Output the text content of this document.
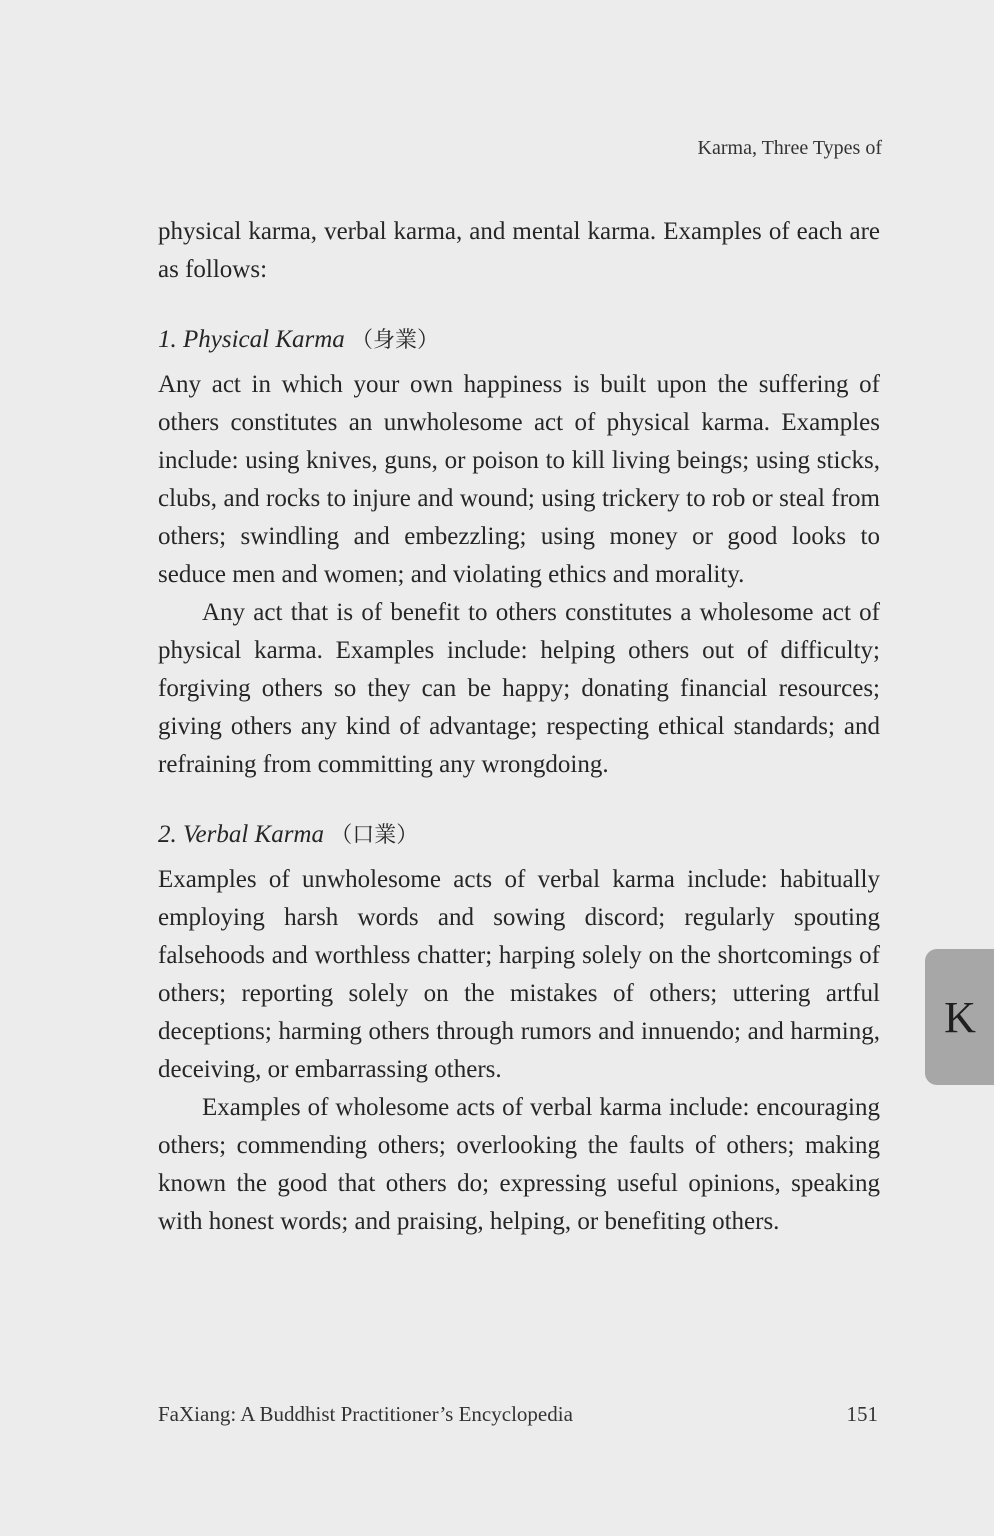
Karma, Three Types of

physical karma, verbal karma, and mental karma. Examples of each are as follows:

1. Physical Karma （身業）

Any act in which your own happiness is built upon the suffering of others constitutes an unwholesome act of physical karma. Examples include: using knives, guns, or poison to kill living beings; using sticks, clubs, and rocks to injure and wound; using trickery to rob or steal from others; swindling and embezzling; using money or good looks to seduce men and women; and violating ethics and morality.

Any act that is of benefit to others constitutes a wholesome act of physical karma. Examples include: helping others out of difficulty; forgiving others so they can be happy; donating financial resources; giving others any kind of advantage; respecting ethical standards; and refraining from committing any wrongdoing.

2. Verbal Karma （口業）

Examples of unwholesome acts of verbal karma include: habitually employing harsh words and sowing discord; regularly spouting falsehoods and worthless chatter; harping solely on the shortcomings of others; reporting solely on the mistakes of others; uttering artful deceptions; harming others through rumors and innuendo; and harming, deceiving, or embarrassing others.

Examples of wholesome acts of verbal karma include: encouraging others; commending others; overlooking the faults of others; making known the good that others do; expressing useful opinions, speaking with honest words; and praising, helping, or benefiting others.

K
FaXiang: A Buddhist Practitioner’s Encyclopedia	151
